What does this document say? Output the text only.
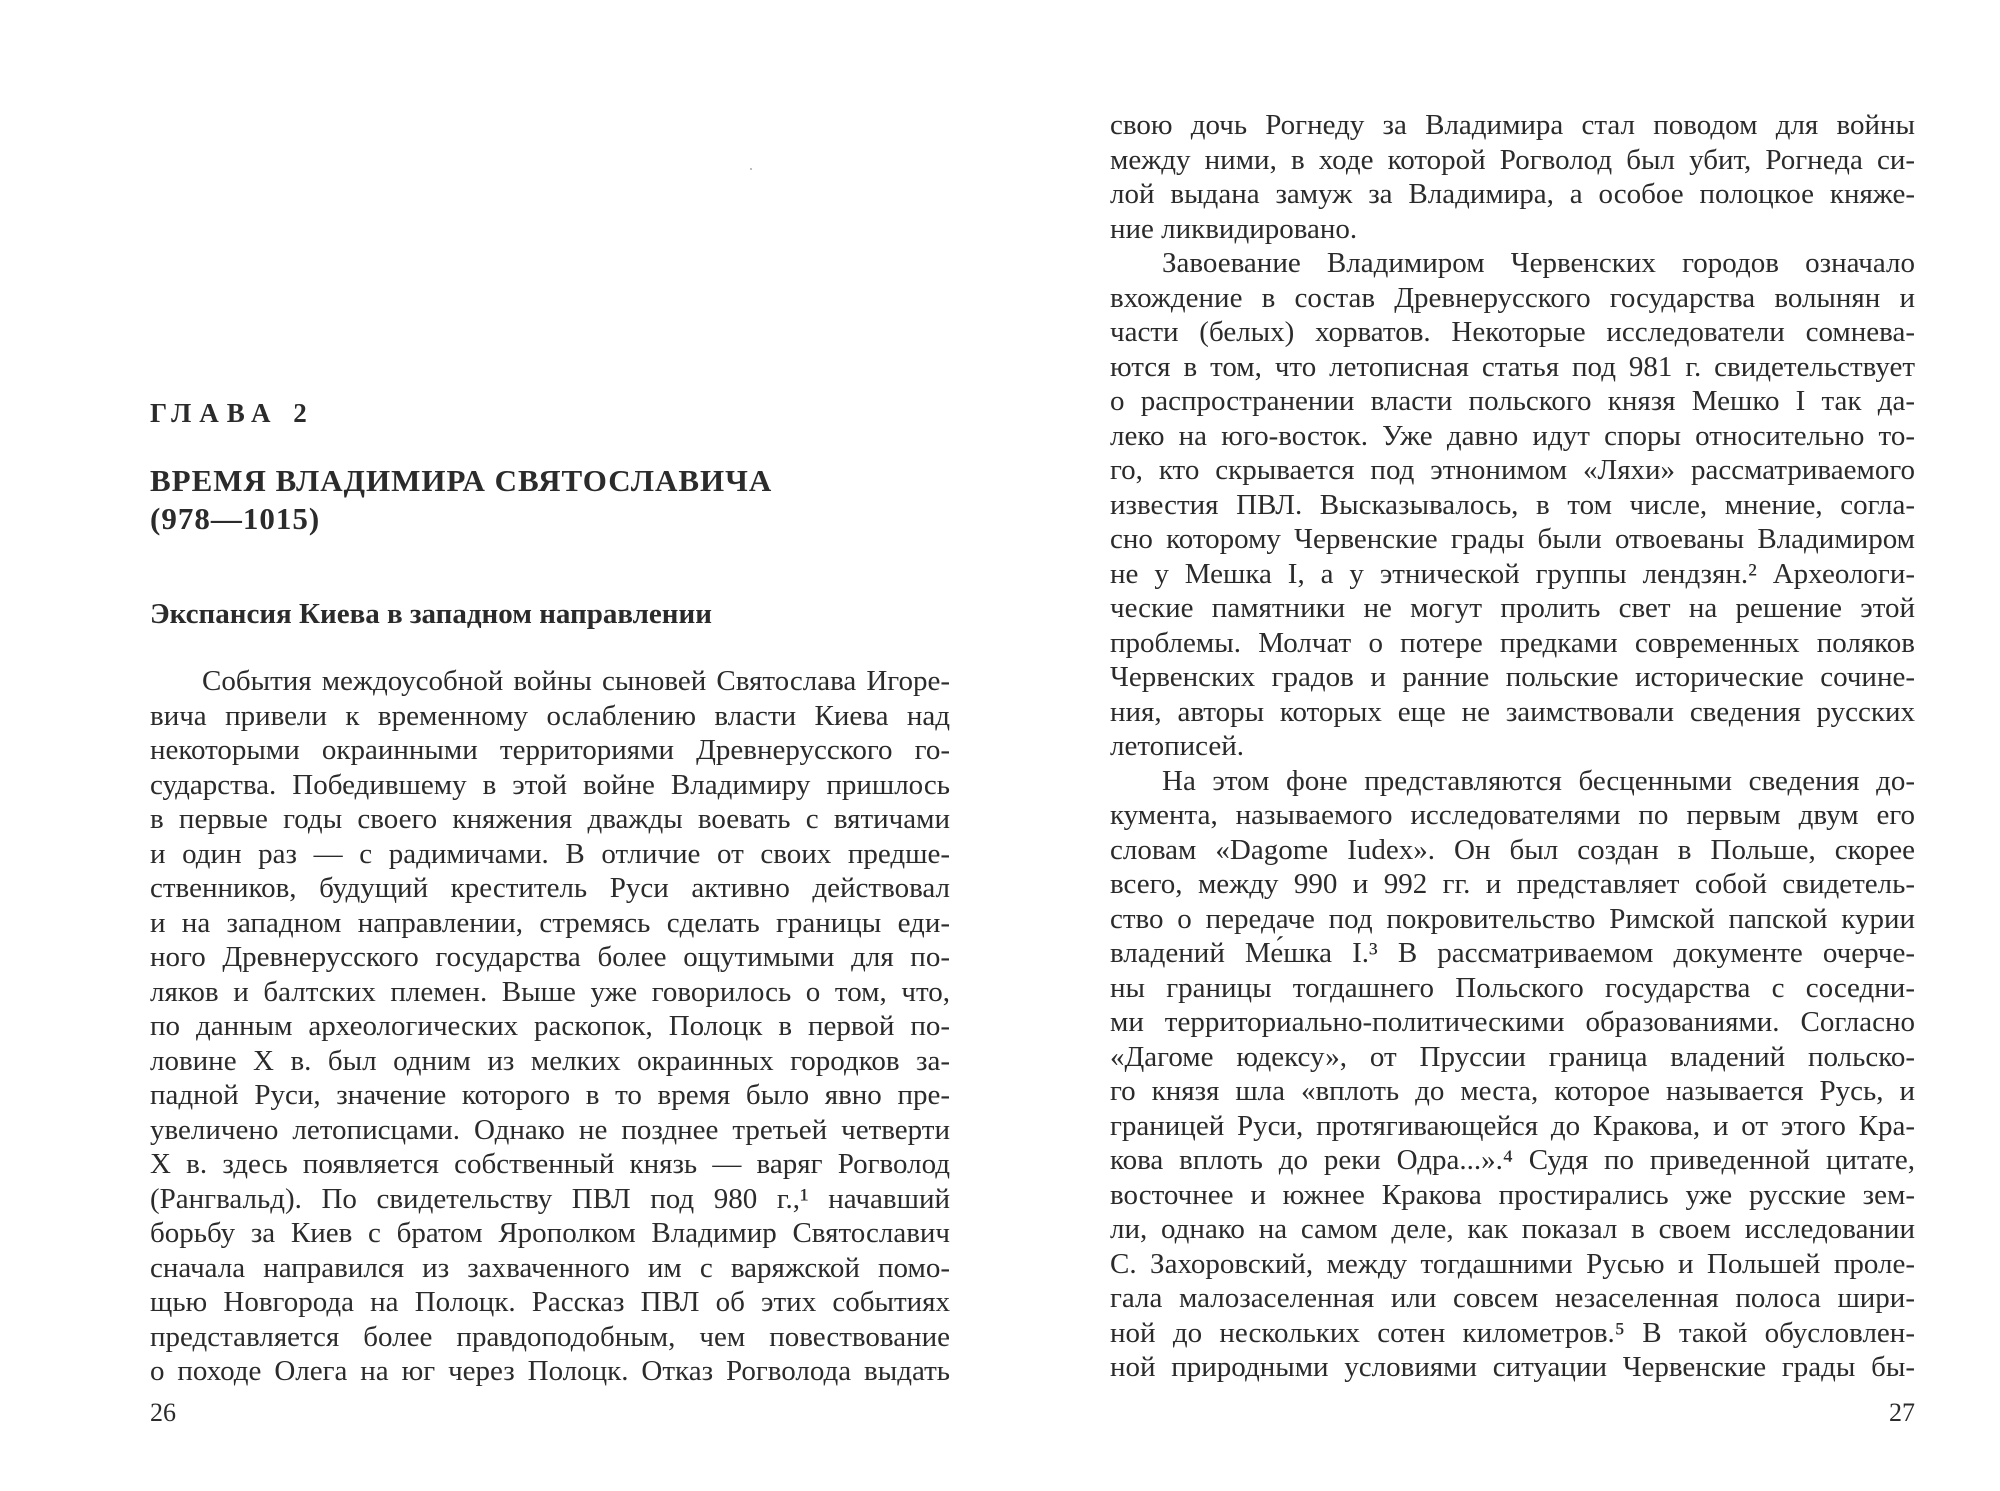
ГЛАВА 2
ВРЕМЯ ВЛАДИМИРА СВЯТОСЛАВИЧА
(978—1015)
Экспансия Киева в западном направлении
События междоусобной войны сыновей Святослава Игоре-
вича привели к временному ослаблению власти Киева над
некоторыми окраинными территориями Древнерусского го-
сударства. Победившему в этой войне Владимиру пришлось
в первые годы своего княжения дважды воевать с вятичами
и один раз — с радимичами. В отличие от своих предше-
ственников, будущий креститель Руси активно действовал
и на западном направлении, стремясь сделать границы еди-
ного Древнерусского государства более ощутимыми для по-
ляков и балтских племен. Выше уже говорилось о том, что,
по данным археологических раскопок, Полоцк в первой по-
ловине X в. был одним из мелких окраинных городков за-
падной Руси, значение которого в то время было явно пре-
увеличено летописцами. Однако не позднее третьей четверти
X в. здесь появляется собственный князь — варяг Рогволод
(Рангвальд). По свидетельству ПВЛ под 980 г.,¹ начавший
борьбу за Киев с братом Ярополком Владимир Святославич
сначала направился из захваченного им с варяжской помо-
щью Новгорода на Полоцк. Рассказ ПВЛ об этих событиях
представляется более правдоподобным, чем повествование
о походе Олега на юг через Полоцк. Отказ Рогволода выдать
26
свою дочь Рогнеду за Владимира стал поводом для войны
между ними, в ходе которой Рогволод был убит, Рогнеда си-
лой выдана замуж за Владимира, а особое полоцкое княже-
ние ликвидировано.
Завоевание Владимиром Червенских городов означало
вхождение в состав Древнерусского государства волынян и
части (белых) хорватов. Некоторые исследователи сомнева-
ются в том, что летописная статья под 981 г. свидетельствует
о распространении власти польского князя Мешко I так да-
леко на юго-восток. Уже давно идут споры относительно то-
го, кто скрывается под этнонимом «Ляхи» рассматриваемого
известия ПВЛ. Высказывалось, в том числе, мнение, согла-
сно которому Червенские грады были отвоеваны Владимиром
не у Мешка I, а у этнической группы лендзян.² Археологи-
ческие памятники не могут пролить свет на решение этой
проблемы. Молчат о потере предками современных поляков
Червенских градов и ранние польские исторические сочине-
ния, авторы которых еще не заимствовали сведения русских
летописей.
На этом фоне представляются бесценными сведения до-
кумента, называемого исследователями по первым двум его
словам «Dagome Iudex». Он был создан в Польше, скорее
всего, между 990 и 992 гг. и представляет собой свидетель-
ство о передаче под покровительство Римской папской курии
владений Ме́шка I.³ В рассматриваемом документе очерче-
ны границы тогдашнего Польского государства с соседни-
ми территориально-политическими образованиями. Согласно
«Дагоме юдексу», от Пруссии граница владений польско-
го князя шла «вплоть до места, которое называется Русь, и
границей Руси, протягивающейся до Кракова, и от этого Кра-
кова вплоть до реки Одра...».⁴ Судя по приведенной цитате,
восточнее и южнее Кракова простирались уже русские зем-
ли, однако на самом деле, как показал в своем исследовании
С. Захоровский, между тогдашними Русью и Польшей проле-
гала малозаселенная или совсем незаселенная полоса шири-
ной до нескольких сотен километров.⁵ В такой обусловлен-
ной природными условиями ситуации Червенские грады бы-
27
